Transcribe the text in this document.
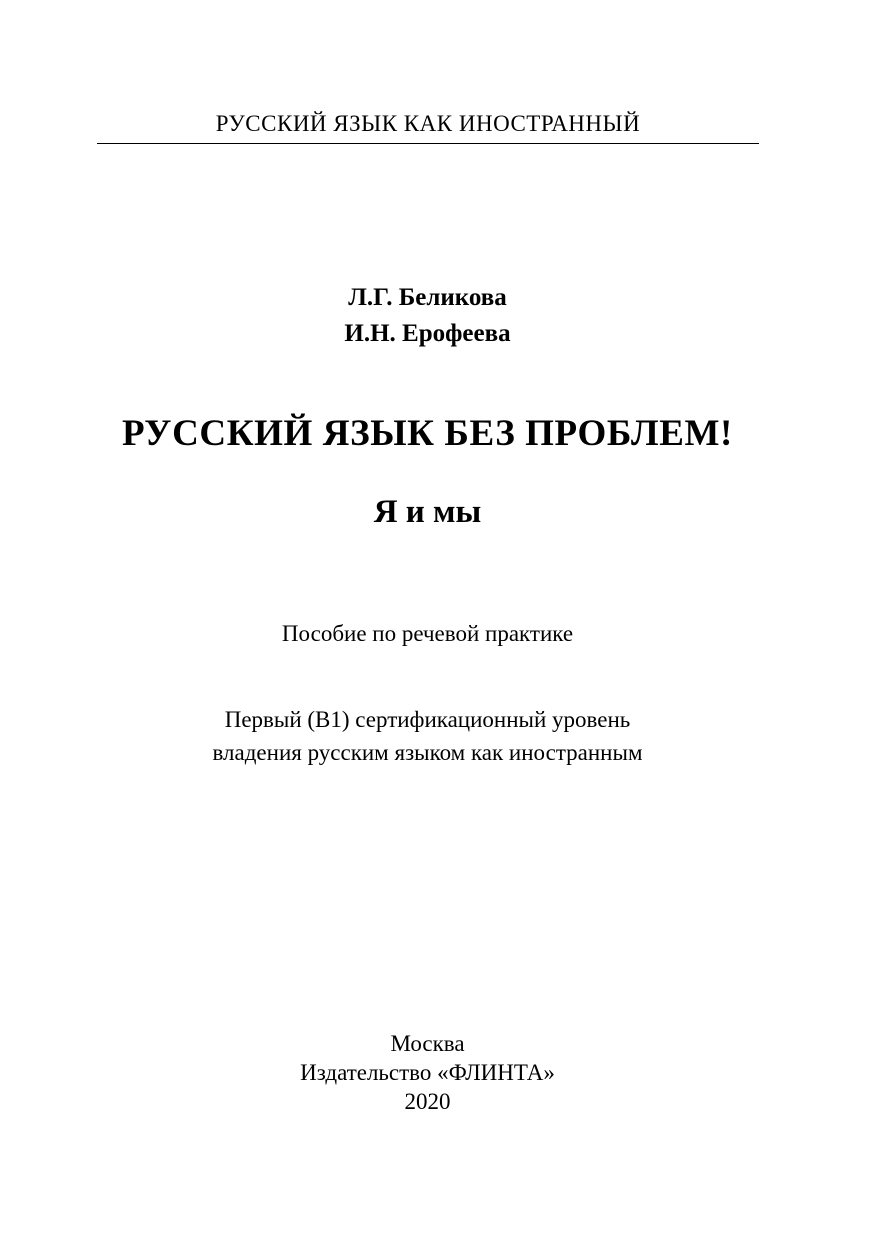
РУССКИЙ ЯЗЫК КАК ИНОСТРАННЫЙ
Л.Г. Беликова
И.Н. Ерофеева
РУССКИЙ ЯЗЫК БЕЗ ПРОБЛЕМ!
Я и мы
Пособие по речевой практике
Первый (В1) сертификационный уровень
владения русским языком как иностранным
Москва
Издательство «ФЛИНТА»
2020
